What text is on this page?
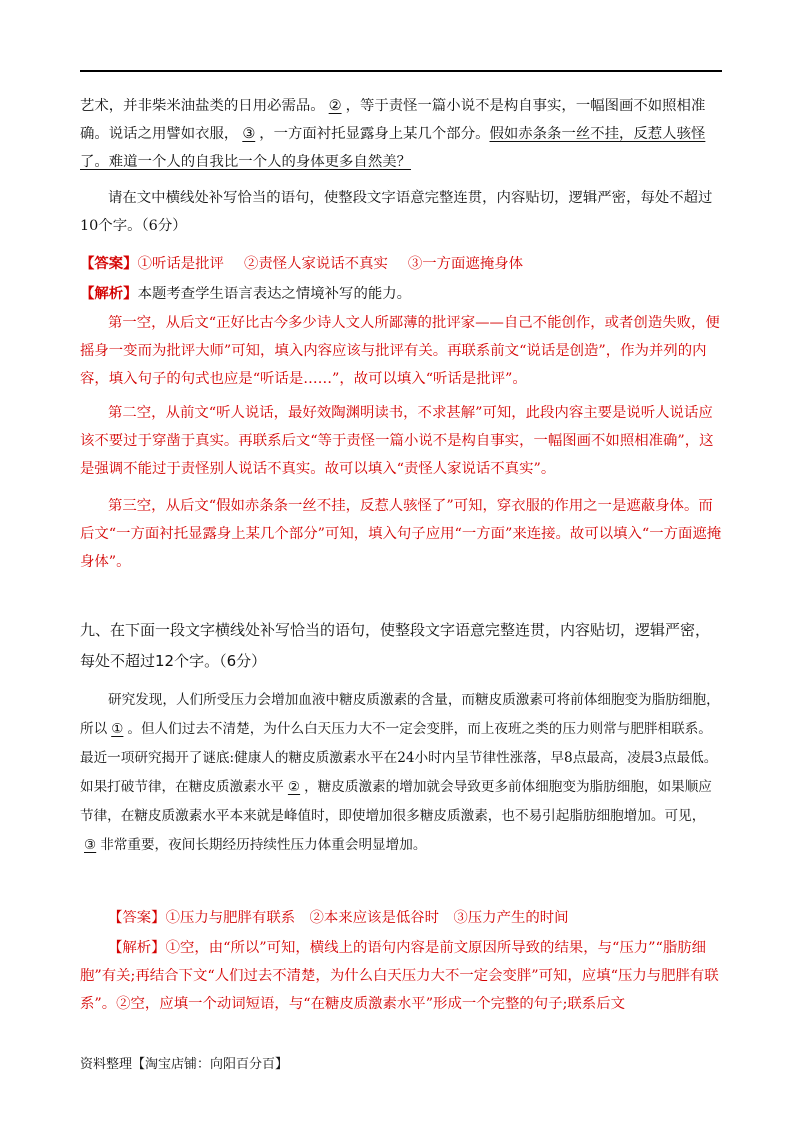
艺术，并非柴米油盐类的日用必需品。 ② ，等于责怪一篇小说不是构自事实，一幅图画不如照相准确。说话之用譬如衣服， ③ ，一方面衬托显露身上某几个部分。假如赤条条一丝不挂，反惹人骇怪了。难道一个人的自我比一个人的身体更多自然美？
请在文中横线处补写恰当的语句，使整段文字语意完整连贯，内容贴切，逻辑严密，每处不超过10个字。（6分）
【答案】①听话是批评 ②责怪人家说话不真实 ③一方面遮掩身体
【解析】本题考查学生语言表达之情境补写的能力。
第一空，从后文“正好比古今多少诗人文人所鄙薄的批评家——自己不能创作，或者创造失败，便摇身一变而为批评大师”可知，填入内容应该与批评有关。再联系前文“说话是创造”，作为并列的内容，填入句子的句式也应是“听话是……”，故可以填入“听话是批评”。
第二空，从前文“听人说话，最好效陶渊明读书，不求甚解”可知，此段内容主要是说听人说话应该不要过于穿凿于真实。再联系后文“等于责怪一篇小说不是构自事实，一幅图画不如照相准确”，这是强调不能过于责怪别人说话不真实。故可以填入“责怪人家说话不真实”。
第三空，从后文“假如赤条条一丝不挂，反惹人骇怪了”可知，穿衣服的作用之一是遮蔽身体。而后文“一方面衬托显露身上某几个部分”可知，填入句子应用“一方面”来连接。故可以填入“一方面遮掩身体”。
九、在下面一段文字横线处补写恰当的语句，使整段文字语意完整连贯，内容贴切，逻辑严密，每处不超过12个字。（6分）
研究发现，人们所受压力会增加血液中糖皮质激素的含量，而糖皮质激素可将前体细胞变为脂肪细胞，所以 ① 。但人们过去不清楚，为什么白天压力大不一定会变胖，而上夜班之类的压力则常与肥胖相联系。最近一项研究揭开了谜底:健康人的糖皮质激素水平在24小时内呈节律性涨落，早8点最高，凌晨3点最低。如果打破节律，在糖皮质激素水平 ② ，糖皮质激素的增加就会导致更多前体细胞变为脂肪细胞，如果顺应节律，在糖皮质激素水平本来就是峰值时，即使增加很多糖皮质激素，也不易引起脂肪细胞增加。可见，③ 非常重要，夜间长期经历持续性压力体重会明显增加。
【答案】①压力与肥胖有联系　②本来应该是低谷时　③压力产生的时间
【解析】①空，由“所以”可知，横线上的语句内容是前文原因所导致的结果，与“压力”“脂肪细胞”有关;再结合下文“人们过去不清楚，为什么白天压力大不一定会变胖”可知，应填“压力与肥胖有联系”。②空，应填一个动词短语，与“在糖皮质激素水平”形成一个完整的句子;联系后文
资料整理【淘宝店铺：向阳百分百】
